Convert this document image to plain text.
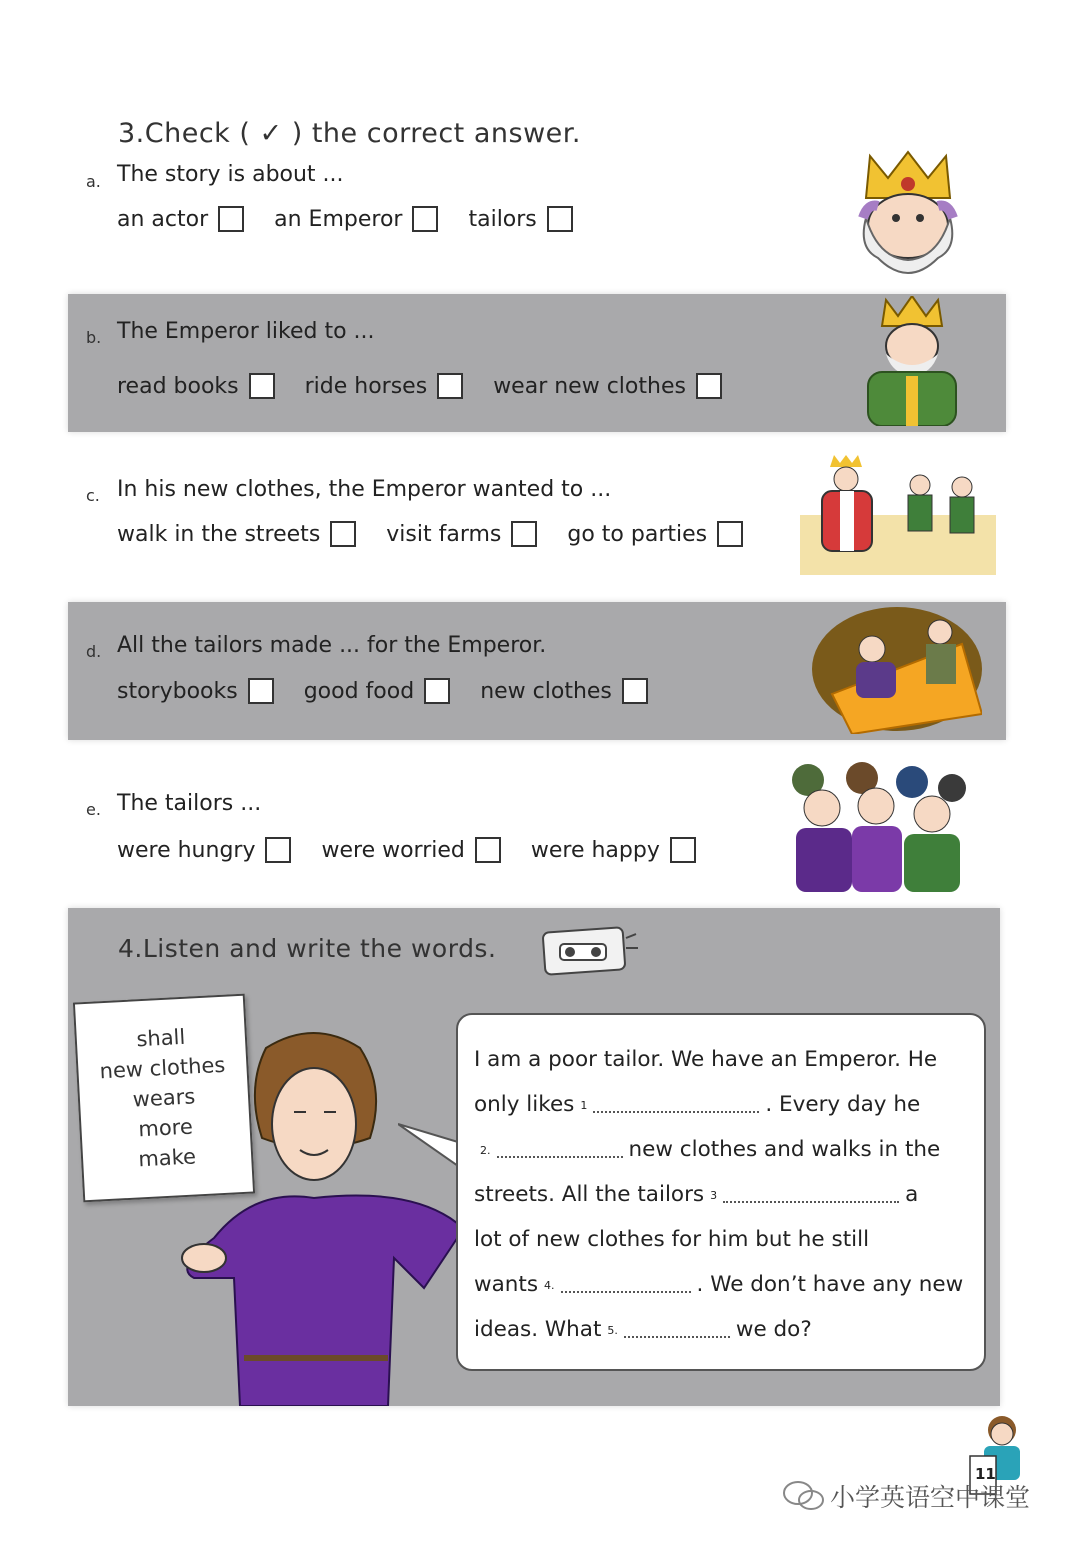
3.Check ( ✓ ) the correct answer.
a. The story is about ...
an actor	an Emperor	tailors
b. The Emperor liked to ...
read books	ride horses	wear new clothes
c. In his new clothes, the Emperor wanted to ...
walk in the streets	visit farms	go to parties
d. All the tailors made ... for the Emperor.
storybooks	good food	new clothes
e. The tailors ...
were hungry	were worried	were happy
4.Listen and write the words.
shall
new clothes
wears
more
make
I am a poor tailor. We have an Emperor. He
only likes 1	. Every day he
2.	new clothes and walks in the
streets. All the tailors 3	a
lot of new clothes for him but he still
wants 4.	. We don’t have any new
ideas. What 5.	we do?
11
小学英语空中课堂
